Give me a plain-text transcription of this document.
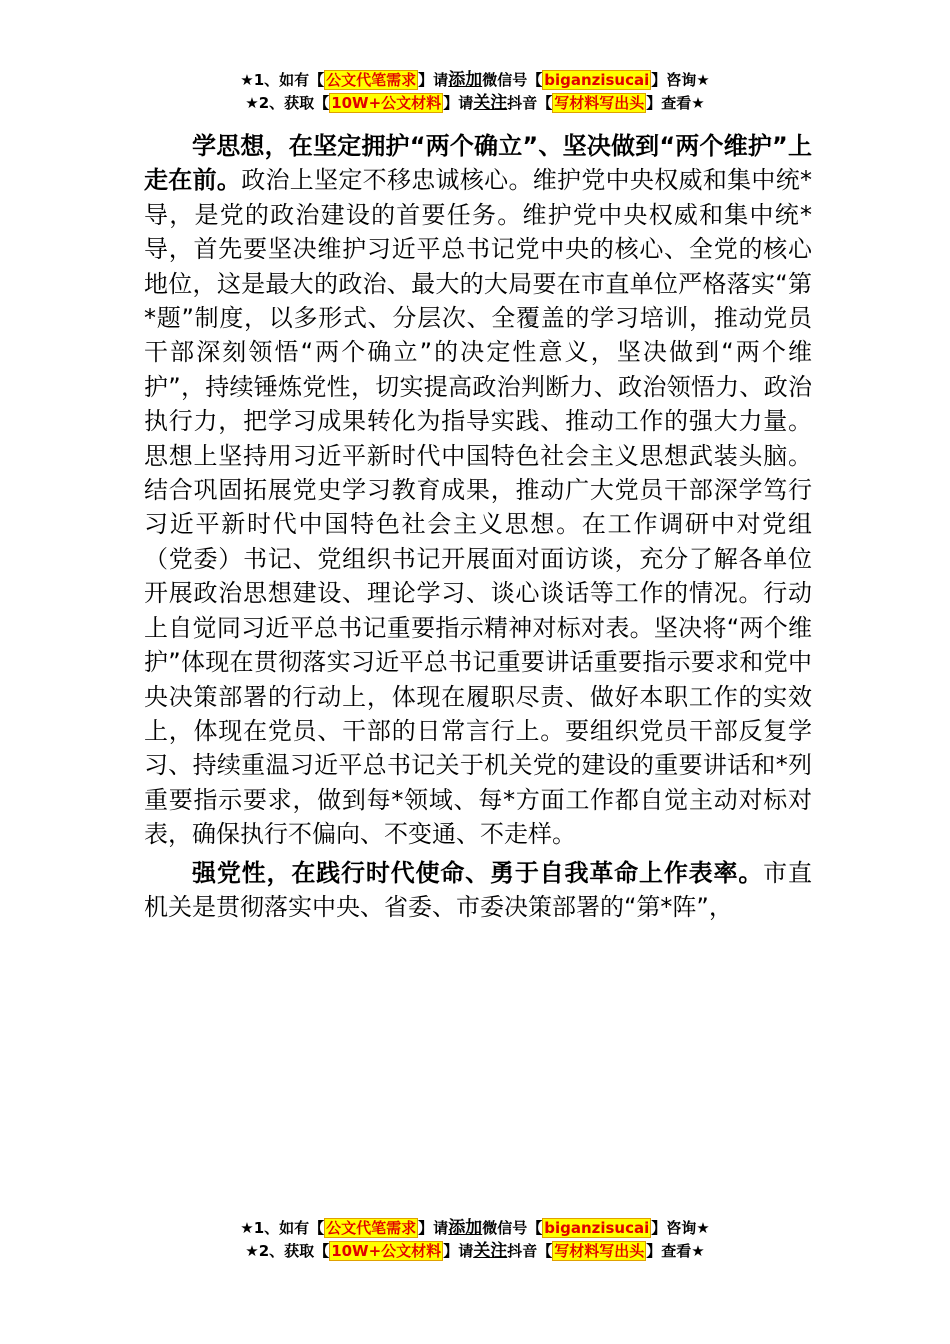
★1、如有【 公文代笔需求 】请添加微信号【 biganzisucai 】咨询★
★2、获取【 10W+公文材料 】请关注抖音【 写材料写出头 】查看★

学思想，在坚定拥护“两个确立”、坚决做到“两个维护”上走在前。政治上坚定不移忠诚核心。维护党中央权威和集中统*导，是党的政治建设的首要任务。维护党中央权威和集中统*导，首先要坚决维护习近平总书记党中央的核心、全党的核心地位，这是最大的政治、最大的大局要在市直单位严格落实“第*题”制度，以多形式、分层次、全覆盖的学习培训，推动党员干部深刻领悟“两个确立”的决定性意义，坚决做到“两个维护”，持续锤炼党性，切实提高政治判断力、政治领悟力、政治执行力，把学习成果转化为指导实践、推动工作的强大力量。思想上坚持用习近平新时代中国特色社会主义思想武装头脑。结合巩固拓展党史学习教育成果，推动广大党员干部深学笃行习近平新时代中国特色社会主义思想。在工作调研中对党组（党委）书记、党组织书记开展面对面访谈，充分了解各单位开展政治思想建设、理论学习、谈心谈话等工作的情况。行动上自觉同习近平总书记重要指示精神对标对表。坚决将“两个维护”体现在贯彻落实习近平总书记重要讲话重要指示要求和党中央决策部署的行动上，体现在履职尽责、做好本职工作的实效上，体现在党员、干部的日常言行上。要组织党员干部反复学习、持续重温习近平总书记关于机关党的建设的重要讲话和*列重要指示要求，做到每*领域、每*方面工作都自觉主动对标对表，确保执行不偏向、不变通、不走样。

强党性，在践行时代使命、勇于自我革命上作表率。市直机关是贯彻落实中央、省委、市委决策部署的“第*阵”，

★1、如有【 公文代笔需求 】请添加微信号【 biganzisucai 】咨询★
★2、获取【 10W+公文材料 】请关注抖音【 写材料写出头 】查看★
